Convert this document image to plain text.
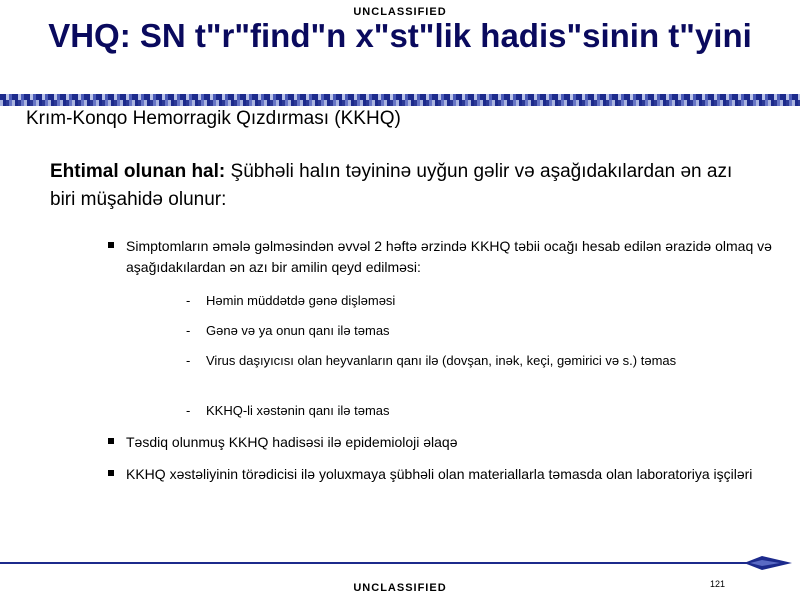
UNCLASSIFIED
VHQ: SN tʺrʺfindʺn xʺstʺlik hadisʺsinin tʺyini
Krım-Konqo Hemorragik Qızdırması (KKHQ)
Ehtimal olunan hal: Şübhǝli halın tǝyininǝ uyğun gǝlir vǝ aşağıdakılardan ǝn azı biri müşahidǝ olunur:
Simptomların ǝmǝlǝ gǝlmǝsindǝn ǝvvǝl 2 hǝftǝ ǝrzindǝ KKHQ tǝbii ocağı hesab edilǝn ǝrazidǝ olmaq vǝ aşağıdakılardan ǝn azı bir amilin qeyd edilmǝsi:
- Hǝmin müddǝtdǝ gǝnǝ dişlǝmǝsi
- Gǝnǝ vǝ ya onun qanı ilǝ tǝmas
- Virus daşıyıcısı olan heyvanların qanı ilǝ (dovşan, inǝk, keçi, gǝmirici vǝ s.) tǝmas
- KKHQ-li xǝstǝnin qanı ilǝ tǝmas
Tǝsdiq olunmuş KKHQ hadisǝsi ilǝ epidemioloji ǝlaqǝ
KKHQ xǝstǝliyinin törǝdicisi ilǝ yoluxmaya şübhǝli olan materiallarla tǝmasda olan laboratoriya işçilǝri
121
UNCLASSIFIED
